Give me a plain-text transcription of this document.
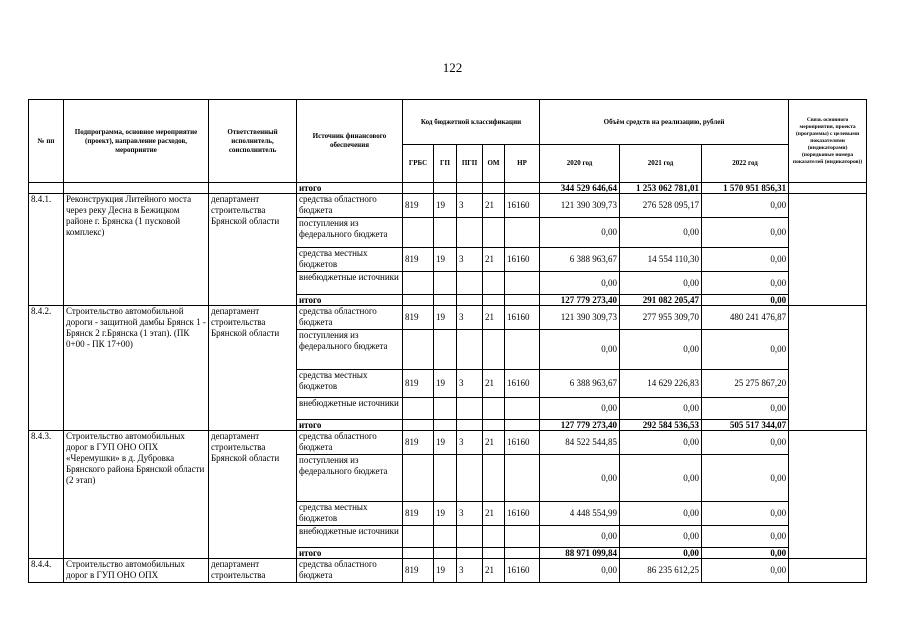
122
№ пп	Подпрограмма, основное мероприятие (проект), направление расходов, мероприятие	Ответственный исполнитель, соисполнитель	Источник финансового обеспечения	Код бюджетной классификации					Объём средств на реализацию, рублей			Связь основного мероприятия, проекта (программы) с целевыми показателями (индикаторами) (порядковые номера показателей (индикаторов))
				ГРБС	ГП	ПГП	ОМ	НР	2020 год	2021 год	2022 год	
			итого						344 529 646,64	1 253 062 781,01	1 570 951 856,31	
8.4.1.	Реконструкция Литейного моста через реку Десна в Бежицком районе г. Брянска (1 пусковой комплекс)	департамент строительства Брянской области	средства областного бюджета	819	19	3	21	16160	121 390 309,73	276 528 095,17	0,00	
			поступления из федерального бюджета						0,00	0,00	0,00	
			средства местных бюджетов	819	19	3	21	16160	6 388 963,67	14 554 110,30	0,00	
			внебюджетные источники						0,00	0,00	0,00	
			итого						127 779 273,40	291 082 205,47	0,00	
8.4.2.	Строительство автомобильной дороги - защитной дамбы Брянск 1 - Брянск 2 г.Брянска (1 этап). (ПК 0+00 - ПК 17+00)	департамент строительства Брянской области	средства областного бюджета	819	19	3	21	16160	121 390 309,73	277 955 309,70	480 241 476,87	
			поступления из федерального бюджета						0,00	0,00	0,00	
			средства местных бюджетов	819	19	3	21	16160	6 388 963,67	14 629 226,83	25 275 867,20	
			внебюджетные источники						0,00	0,00	0,00	
			итого						127 779 273,40	292 584 536,53	505 517 344,07	
8.4.3.	Строительство автомобильных дорог в ГУП ОНО ОПХ «Черемушки» в д. Дубровка Брянского района Брянской области (2 этап)	департамент строительства Брянской области	средства областного бюджета	819	19	3	21	16160	84 522 544,85	0,00	0,00	
			поступления из федерального бюджета						0,00	0,00	0,00	
			средства местных бюджетов	819	19	3	21	16160	4 448 554,99	0,00	0,00	
			внебюджетные источники						0,00	0,00	0,00	
			итого						88 971 099,84	0,00	0,00	
8.4.4.	Строительство автомобильных дорог в ГУП ОНО ОПХ	департамент строительства	средства областного бюджета	819	19	3	21	16160	0,00	86 235 612,25	0,00	
